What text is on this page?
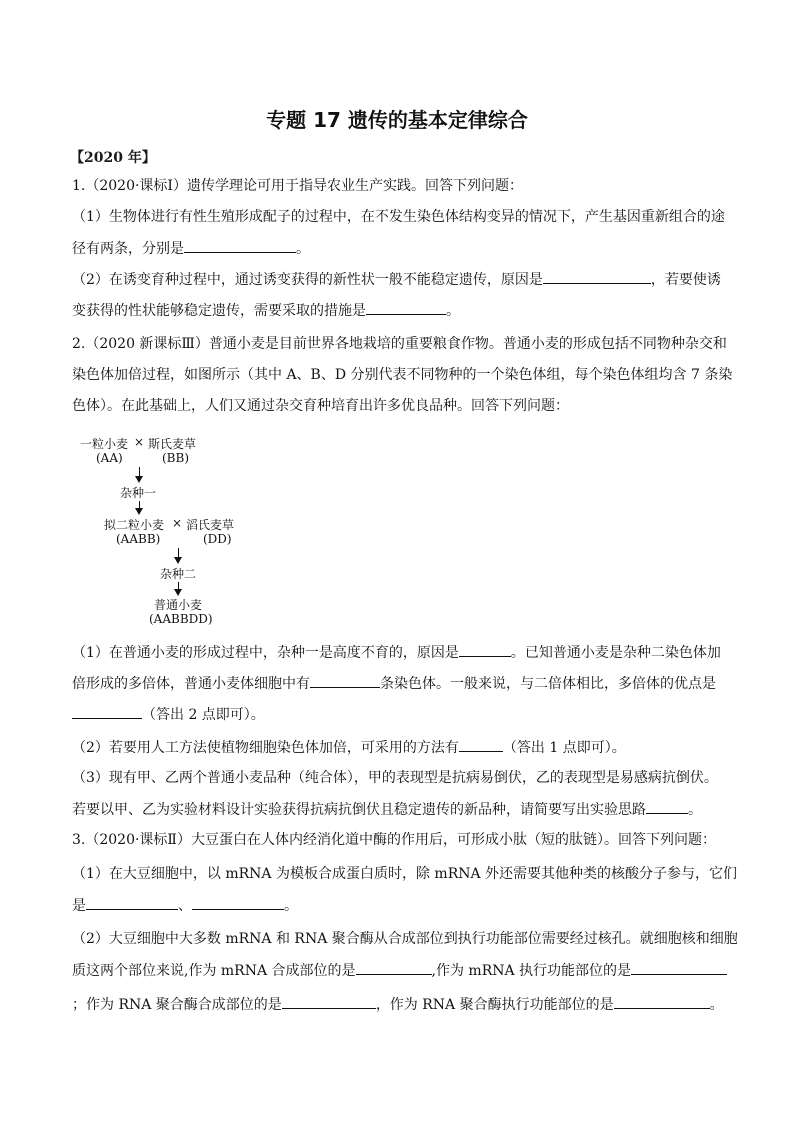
专题 17 遗传的基本定律综合
【2020 年】
1.（2020·课标Ⅰ）遗传学理论可用于指导农业生产实践。回答下列问题：
（1）生物体进行有性生殖形成配子的过程中，在不发生染色体结构变异的情况下，产生基因重新组合的途
径有两条，分别是	。
（2）在诱变育种过程中，通过诱变获得的新性状一般不能稳定遗传，原因是	，若要使诱
变获得的性状能够稳定遗传，需要采取的措施是	。
2.（2020 新课标Ⅲ）普通小麦是目前世界各地栽培的重要粮食作物。普通小麦的形成包括不同物种杂交和
染色体加倍过程，如图所示（其中 A、B、D 分别代表不同物种的一个染色体组，每个染色体组均含 7 条染
色体）。在此基础上，人们又通过杂交育种培育出许多优良品种。回答下列问题：
一粒小麦 × 斯氏麦草
(AA)	(BB)
杂种一
拟二粒小麦 × 滔氏麦草
(AABB)	(DD)
杂种二
普通小麦
(AABBDD)
（1）在普通小麦的形成过程中，杂种一是高度不育的，原因是	。已知普通小麦是杂种二染色体加
倍形成的多倍体，普通小麦体细胞中有	条染色体。一般来说，与二倍体相比，多倍体的优点是
（答出 2 点即可）。
（2）若要用人工方法使植物细胞染色体加倍，可采用的方法有	（答出 1 点即可）。
（3）现有甲、乙两个普通小麦品种（纯合体），甲的表现型是抗病易倒伏，乙的表现型是易感病抗倒伏。
若要以甲、乙为实验材料设计实验获得抗病抗倒伏且稳定遗传的新品种，请简要写出实验思路	。
3.（2020·课标Ⅱ）大豆蛋白在人体内经消化道中酶的作用后，可形成小肽（短的肽链）。回答下列问题：
（1）在大豆细胞中，以 mRNA 为模板合成蛋白质时，除 mRNA 外还需要其他种类的核酸分子参与，它们
是	、	。
（2）大豆细胞中大多数 mRNA 和 RNA 聚合酶从合成部位到执行功能部位需要经过核孔。就细胞核和细胞
质这两个部位来说,作为 mRNA 合成部位的是	,作为 mRNA 执行功能部位的是
；作为 RNA 聚合酶合成部位的是	，作为 RNA 聚合酶执行功能部位的是	。
